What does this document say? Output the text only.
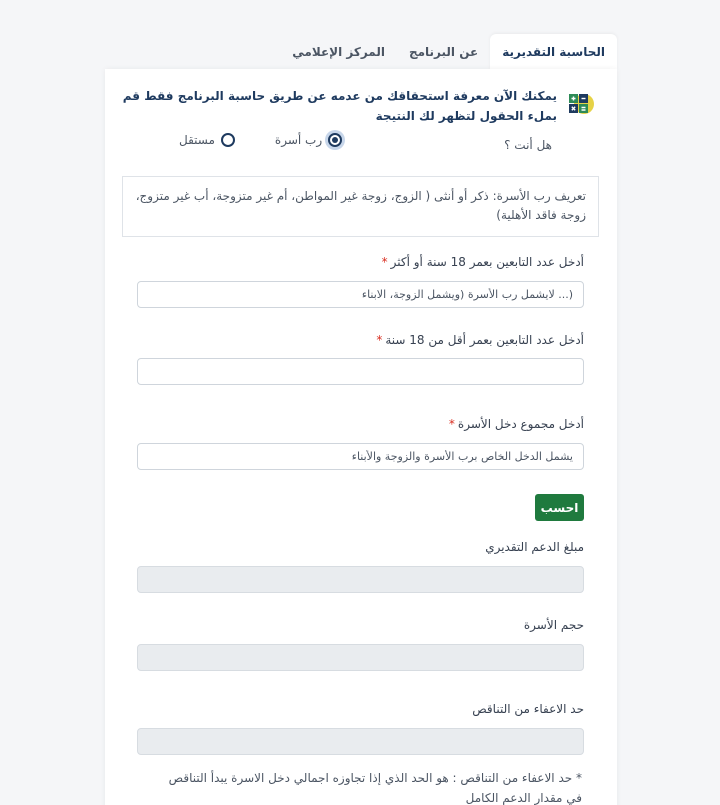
الحاسبة التقديرية
عن البرنامج
المركز الإعلامي
يمكنك الآن معرفة استحقاقك من عدمه عن طريق حاسبة البرنامج فقط قم بملء الحقول لتظهر لك النتيجة
هل أنت ؟
رب أسرة
مستقل
تعريف رب الأسرة: ذكر أو أنثى ( الزوج، زوجة غير المواطن، أم غير متزوجة، أب غير متزوج، زوجة فاقد الأهلية)
أدخل عدد التابعين بعمر 18 سنة أو أكثر*
(... لايشمل رب الأسرة (ويشمل الزوجة، الابناء
أدخل عدد التابعين بعمر أقل من 18 سنة*
أدخل مجموع دخل الأسرة*
يشمل الدخل الخاص برب الأسرة والزوجة والأبناء
احسب
مبلغ الدعم التقديري
حجم الأسرة
حد الاعفاء من التناقص
* حد الاعفاء من التناقص : هو الحد الذي إذا تجاوزه اجمالي دخل الاسرة يبدأ التناقص في مقدار الدعم الكامل
